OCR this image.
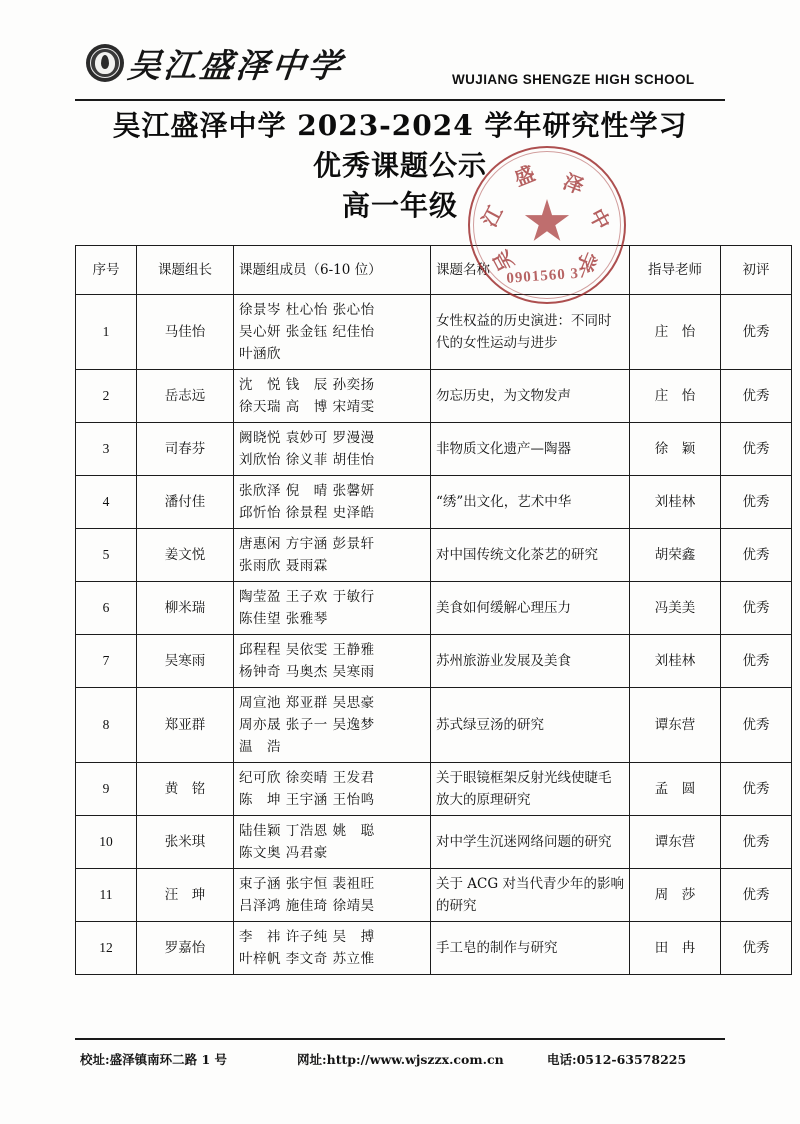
吴江盛泽中学	WUJIANG SHENGZE HIGH SCHOOL
吴江盛泽中学 2023-2024 学年研究性学习
优秀课题公示
高一年级
盛 泽
中
学
吴
江
0901560 37
序号	课题组长	课题组成员（6-10 位）	课题名称	指导老师	初评
1	马佳怡	徐景岑 杜心怡 张心怡
吴心妍 张金钰 纪佳怡
叶涵欣	女性权益的历史演进：不同时代的女性运动与进步	庄　怡	优秀
2	岳志远	沈　悦 钱　辰 孙奕扬
徐天瑞 高　博 宋靖雯	勿忘历史，为文物发声	庄　怡	优秀
3	司春芬	阙晓悦 袁妙可 罗漫漫
刘欣怡 徐义菲 胡佳怡	非物质文化遗产—陶器	徐　颖	优秀
4	潘付佳	张欣泽 倪　晴 张馨妍
邱忻怡 徐景程 史泽皓	“绣”出文化，艺术中华	刘桂林	优秀
5	姜文悦	唐惠闲 方宇涵 彭景轩
张雨欣 聂雨霖	对中国传统文化茶艺的研究	胡荣鑫	优秀
6	柳米瑞	陶莹盈 王子欢 于敏行
陈佳望 张雅琴	美食如何缓解心理压力	冯美美	优秀
7	吴寒雨	邱程程 吴依雯 王静雅
杨钟奇 马奥杰 吴寒雨	苏州旅游业发展及美食	刘桂林	优秀
8	郑亚群	周宣池 郑亚群 吴思豪
周亦晟 张子一 吴逸梦
温　浩	苏式绿豆汤的研究	谭东营	优秀
9	黄　铭	纪可欣 徐奕晴 王发君
陈　坤 王宇涵 王怡鸣	关于眼镜框架反射光线使睫毛放大的原理研究	孟　圆	优秀
10	张米琪	陆佳颖 丁浩恩 姚　聪
陈文奥 冯君豪	对中学生沉迷网络问题的研究	谭东营	优秀
11	汪　珅	束子涵 张宇恒 裴祖旺
吕泽鸿 施佳琦 徐靖昊	关于 ACG 对当代青少年的影响的研究	周　莎	优秀
12	罗嘉怡	李　祎 许子纯 吴　搏
叶梓帆 李文奇 苏立惟	手工皂的制作与研究	田　冉	优秀
校址:盛泽镇南环二路 1 号	网址:http://www.wjszzx.com.cn	电话:0512-63578225
